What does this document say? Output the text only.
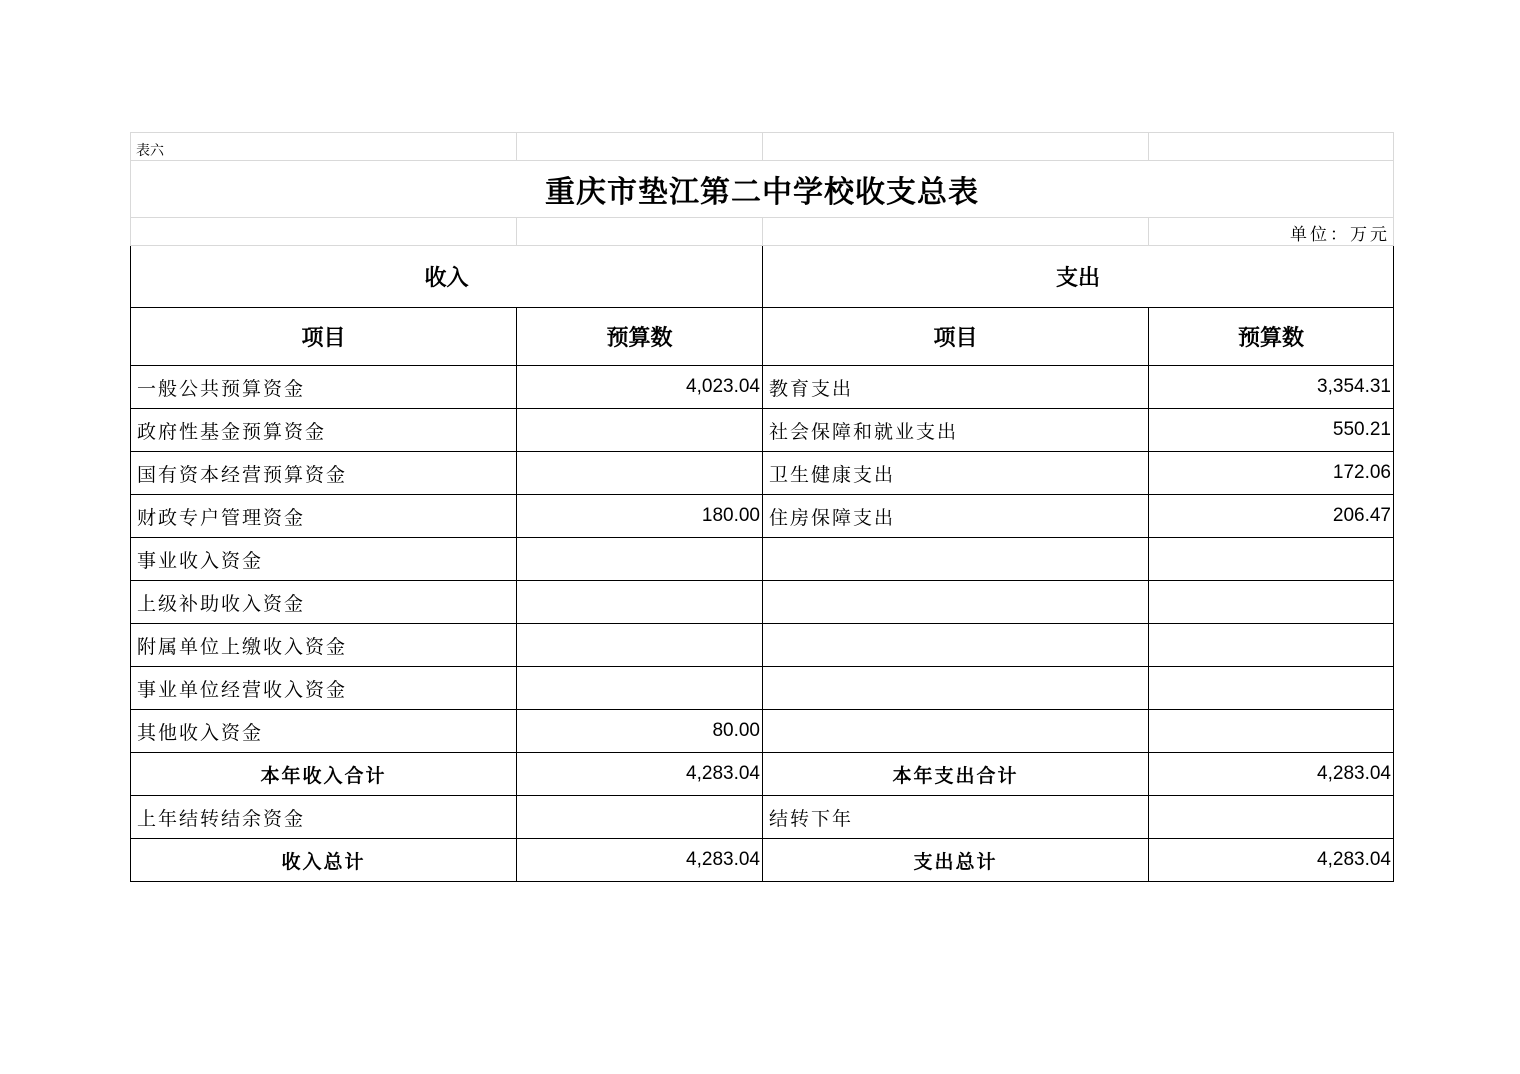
表六			
重庆市垫江第二中学校收支总表			
			单位：万元
收入		支出	
项目	预算数	项目	预算数
一般公共预算资金	4,023.04	教育支出	3,354.31
政府性基金预算资金		社会保障和就业支出	550.21
国有资本经营预算资金		卫生健康支出	172.06
财政专户管理资金	180.00	住房保障支出	206.47
事业收入资金			
上级补助收入资金			
附属单位上缴收入资金			
事业单位经营收入资金			
其他收入资金	80.00		
本年收入合计	4,283.04	本年支出合计	4,283.04
上年结转结余资金		结转下年	
收入总计	4,283.04	支出总计	4,283.04
